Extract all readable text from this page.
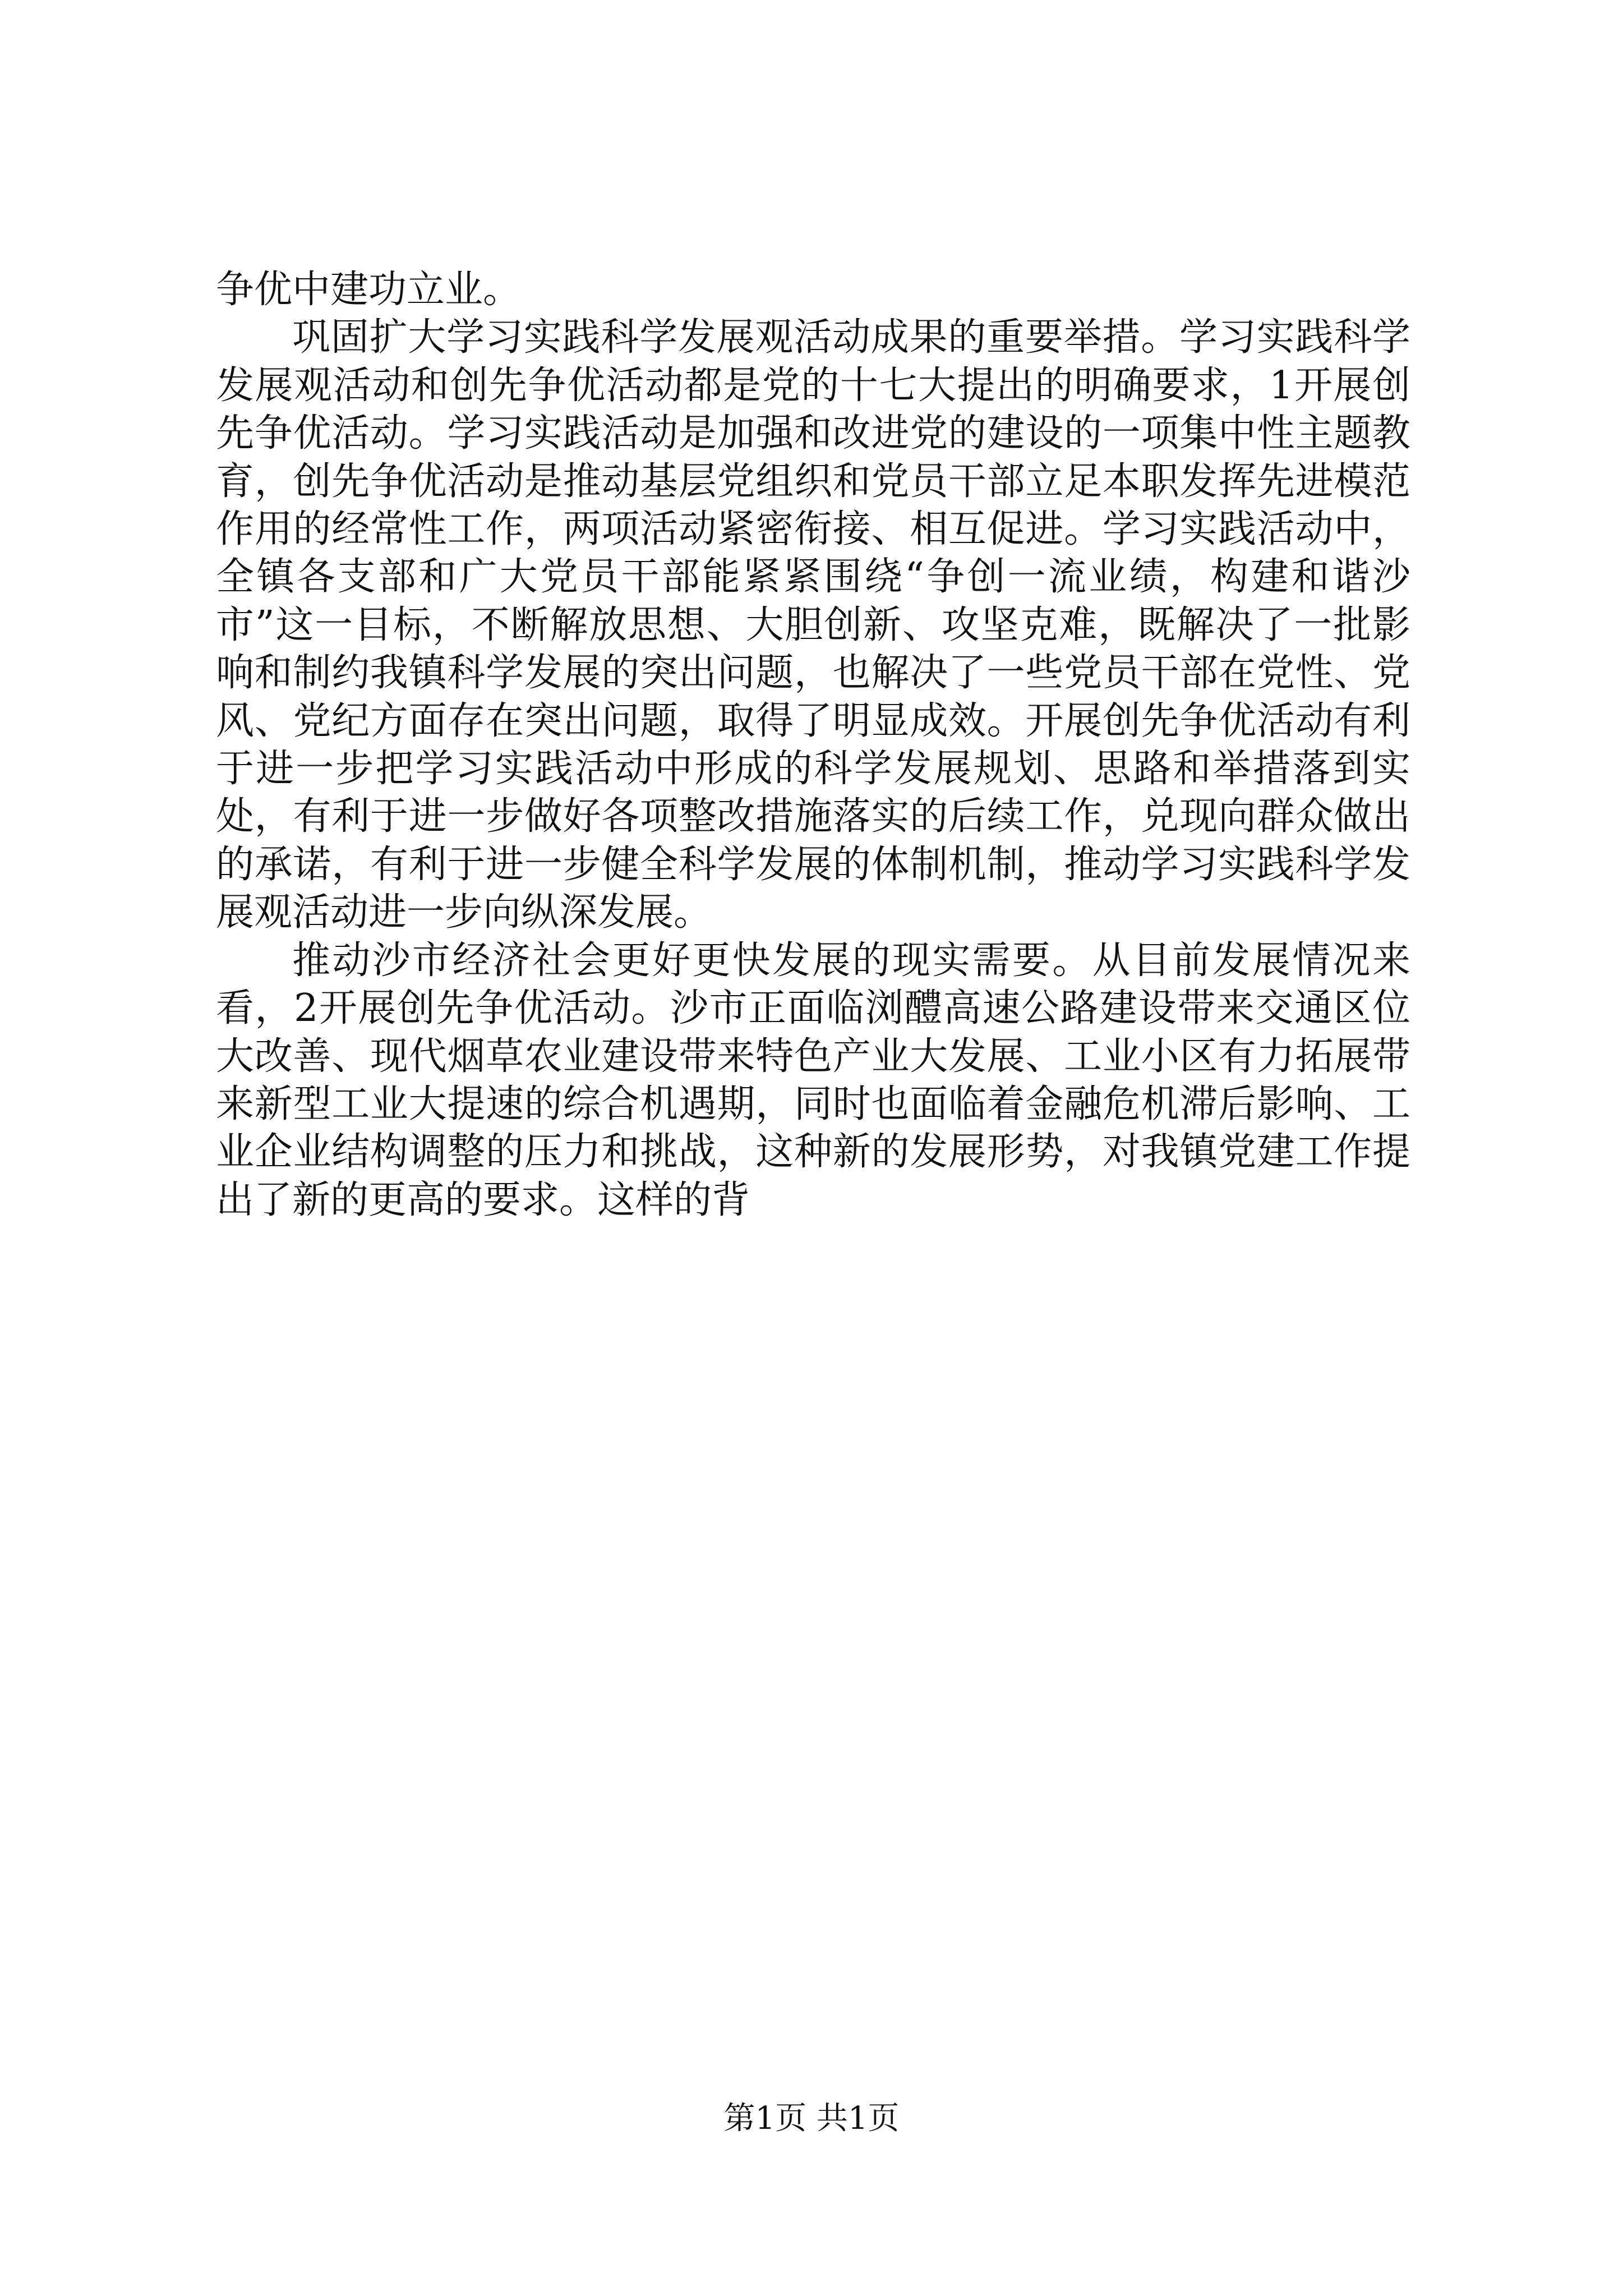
争优中建功立业。

巩固扩大学习实践科学发展观活动成果的重要举措。学习实践科学发展观活动和创先争优活动都是党的十七大提出的明确要求，1开展创先争优活动。学习实践活动是加强和改进党的建设的一项集中性主题教育，创先争优活动是推动基层党组织和党员干部立足本职发挥先进模范作用的经常性工作，两项活动紧密衔接、相互促进。学习实践活动中，全镇各支部和广大党员干部能紧紧围绕“争创一流业绩，构建和谐沙市”这一目标，不断解放思想、大胆创新、攻坚克难，既解决了一批影响和制约我镇科学发展的突出问题，也解决了一些党员干部在党性、党风、党纪方面存在突出问题，取得了明显成效。开展创先争优活动有利于进一步把学习实践活动中形成的科学发展规划、思路和举措落到实处，有利于进一步做好各项整改措施落实的后续工作，兑现向群众做出的承诺，有利于进一步健全科学发展的体制机制，推动学习实践科学发展观活动进一步向纵深发展。

推动沙市经济社会更好更快发展的现实需要。从目前发展情况来看，2开展创先争优活动。沙市正面临浏醴高速公路建设带来交通区位大改善、现代烟草农业建设带来特色产业大发展、工业小区有力拓展带来新型工业大提速的综合机遇期，同时也面临着金融危机滞后影响、工业企业结构调整的压力和挑战，这种新的发展形势，对我镇党建工作提出了新的更高的要求。这样的背

第1页 共1页
